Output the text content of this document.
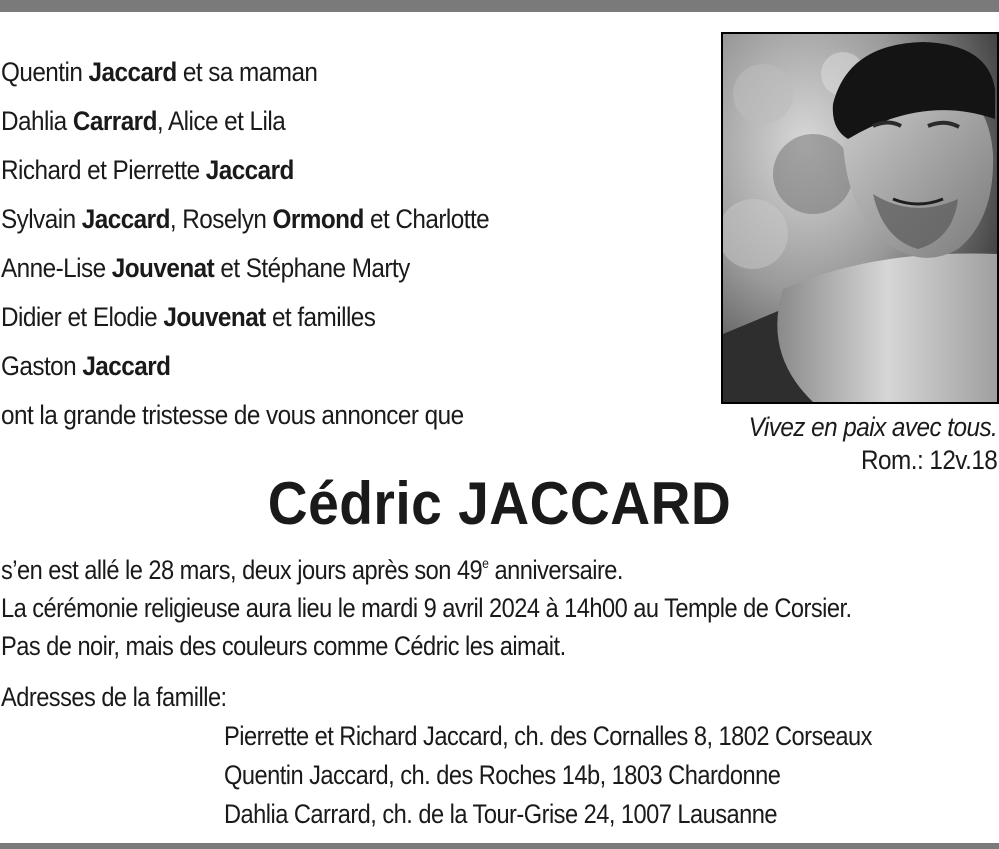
Quentin Jaccard et sa maman
Dahlia Carrard, Alice et Lila
Richard et Pierrette Jaccard
Sylvain Jaccard, Roselyn Ormond et Charlotte
Anne-Lise Jouvenat et Stéphane Marty
Didier et Elodie Jouvenat et familles
Gaston Jaccard
ont la grande tristesse de vous annoncer que	Vivez en paix avec tous.
Rom.: 12v.18
Cédric JACCARD
s’en est allé le 28 mars, deux jours après son 49e anniversaire.
La cérémonie religieuse aura lieu le mardi 9 avril 2024 à 14h00 au Temple de Corsier.
Pas de noir, mais des couleurs comme Cédric les aimait.
Adresses de la famille:
Pierrette et Richard Jaccard, ch. des Cornalles 8, 1802 Corseaux
Quentin Jaccard, ch. des Roches 14b, 1803 Chardonne
Dahlia Carrard, ch. de la Tour-Grise 24, 1007 Lausanne
